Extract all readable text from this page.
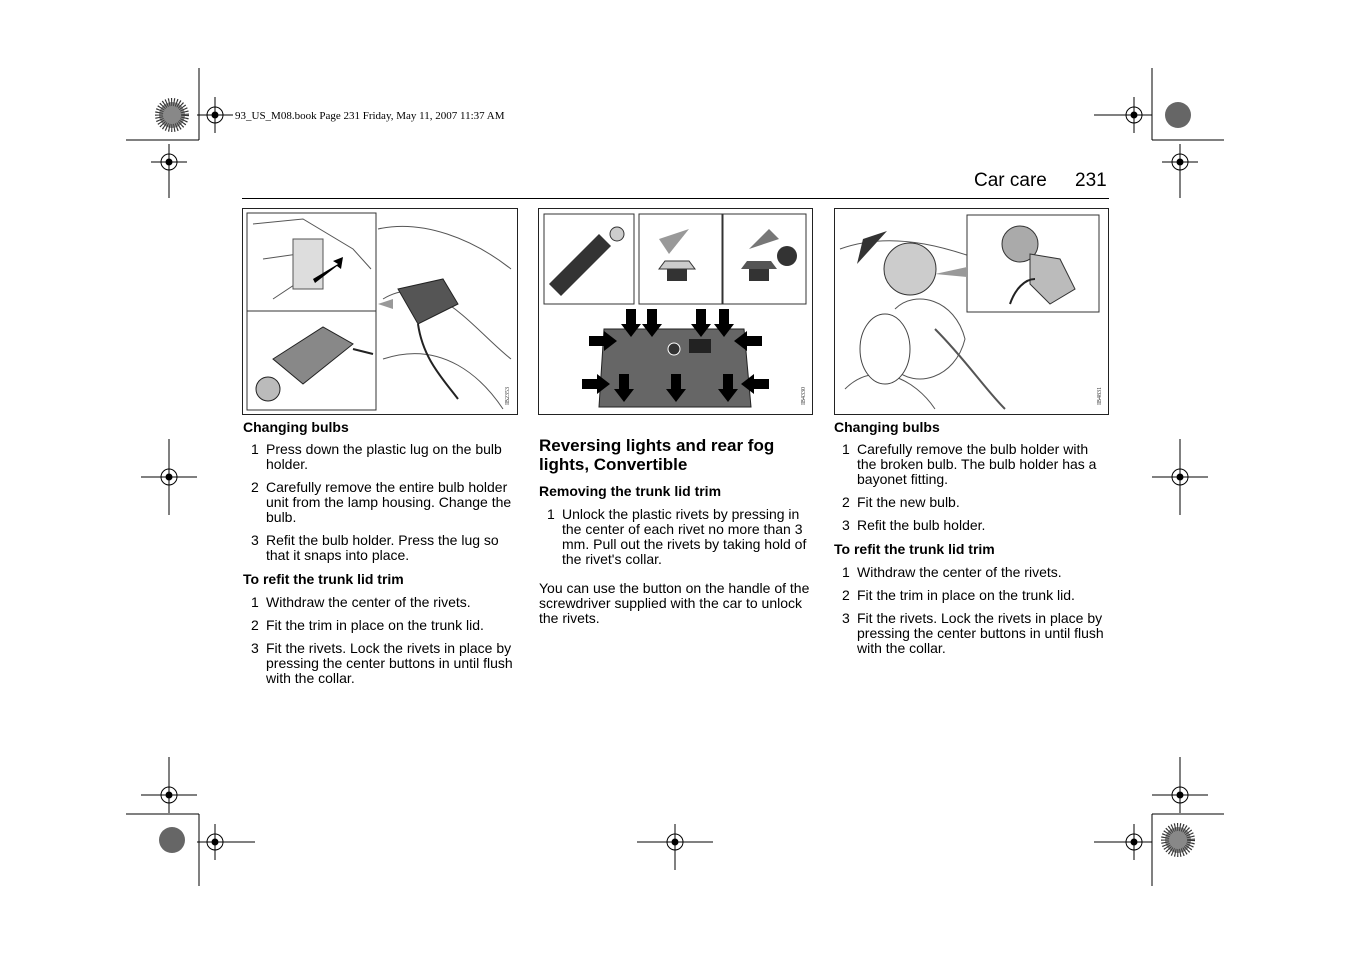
93_US_M08.book Page 231 Friday, May 11, 2007 11:37 AM
Car care 231
IB2353	IB4330	IB4831
Changing bulbs
1 Press down the plastic lug on the bulb holder.
2 Carefully remove the entire bulb holder unit from the lamp housing. Change the bulb.
3 Refit the bulb holder. Press the lug so that it snaps into place.
To refit the trunk lid trim
1 Withdraw the center of the rivets.
2 Fit the trim in place on the trunk lid.
3 Fit the rivets. Lock the rivets in place by pressing the center buttons in until flush with the collar.
Reversing lights and rear fog lights, Convertible
Removing the trunk lid trim
1 Unlock the plastic rivets by pressing in the center of each rivet no more than 3 mm. Pull out the rivets by taking hold of the rivet's collar.
You can use the button on the handle of the screwdriver supplied with the car to unlock the rivets.
Changing bulbs
1 Carefully remove the bulb holder with the broken bulb. The bulb holder has a bayonet fitting.
2 Fit the new bulb.
3 Refit the bulb holder.
To refit the trunk lid trim
1 Withdraw the center of the rivets.
2 Fit the trim in place on the trunk lid.
3 Fit the rivets. Lock the rivets in place by pressing the center buttons in until flush with the collar.
